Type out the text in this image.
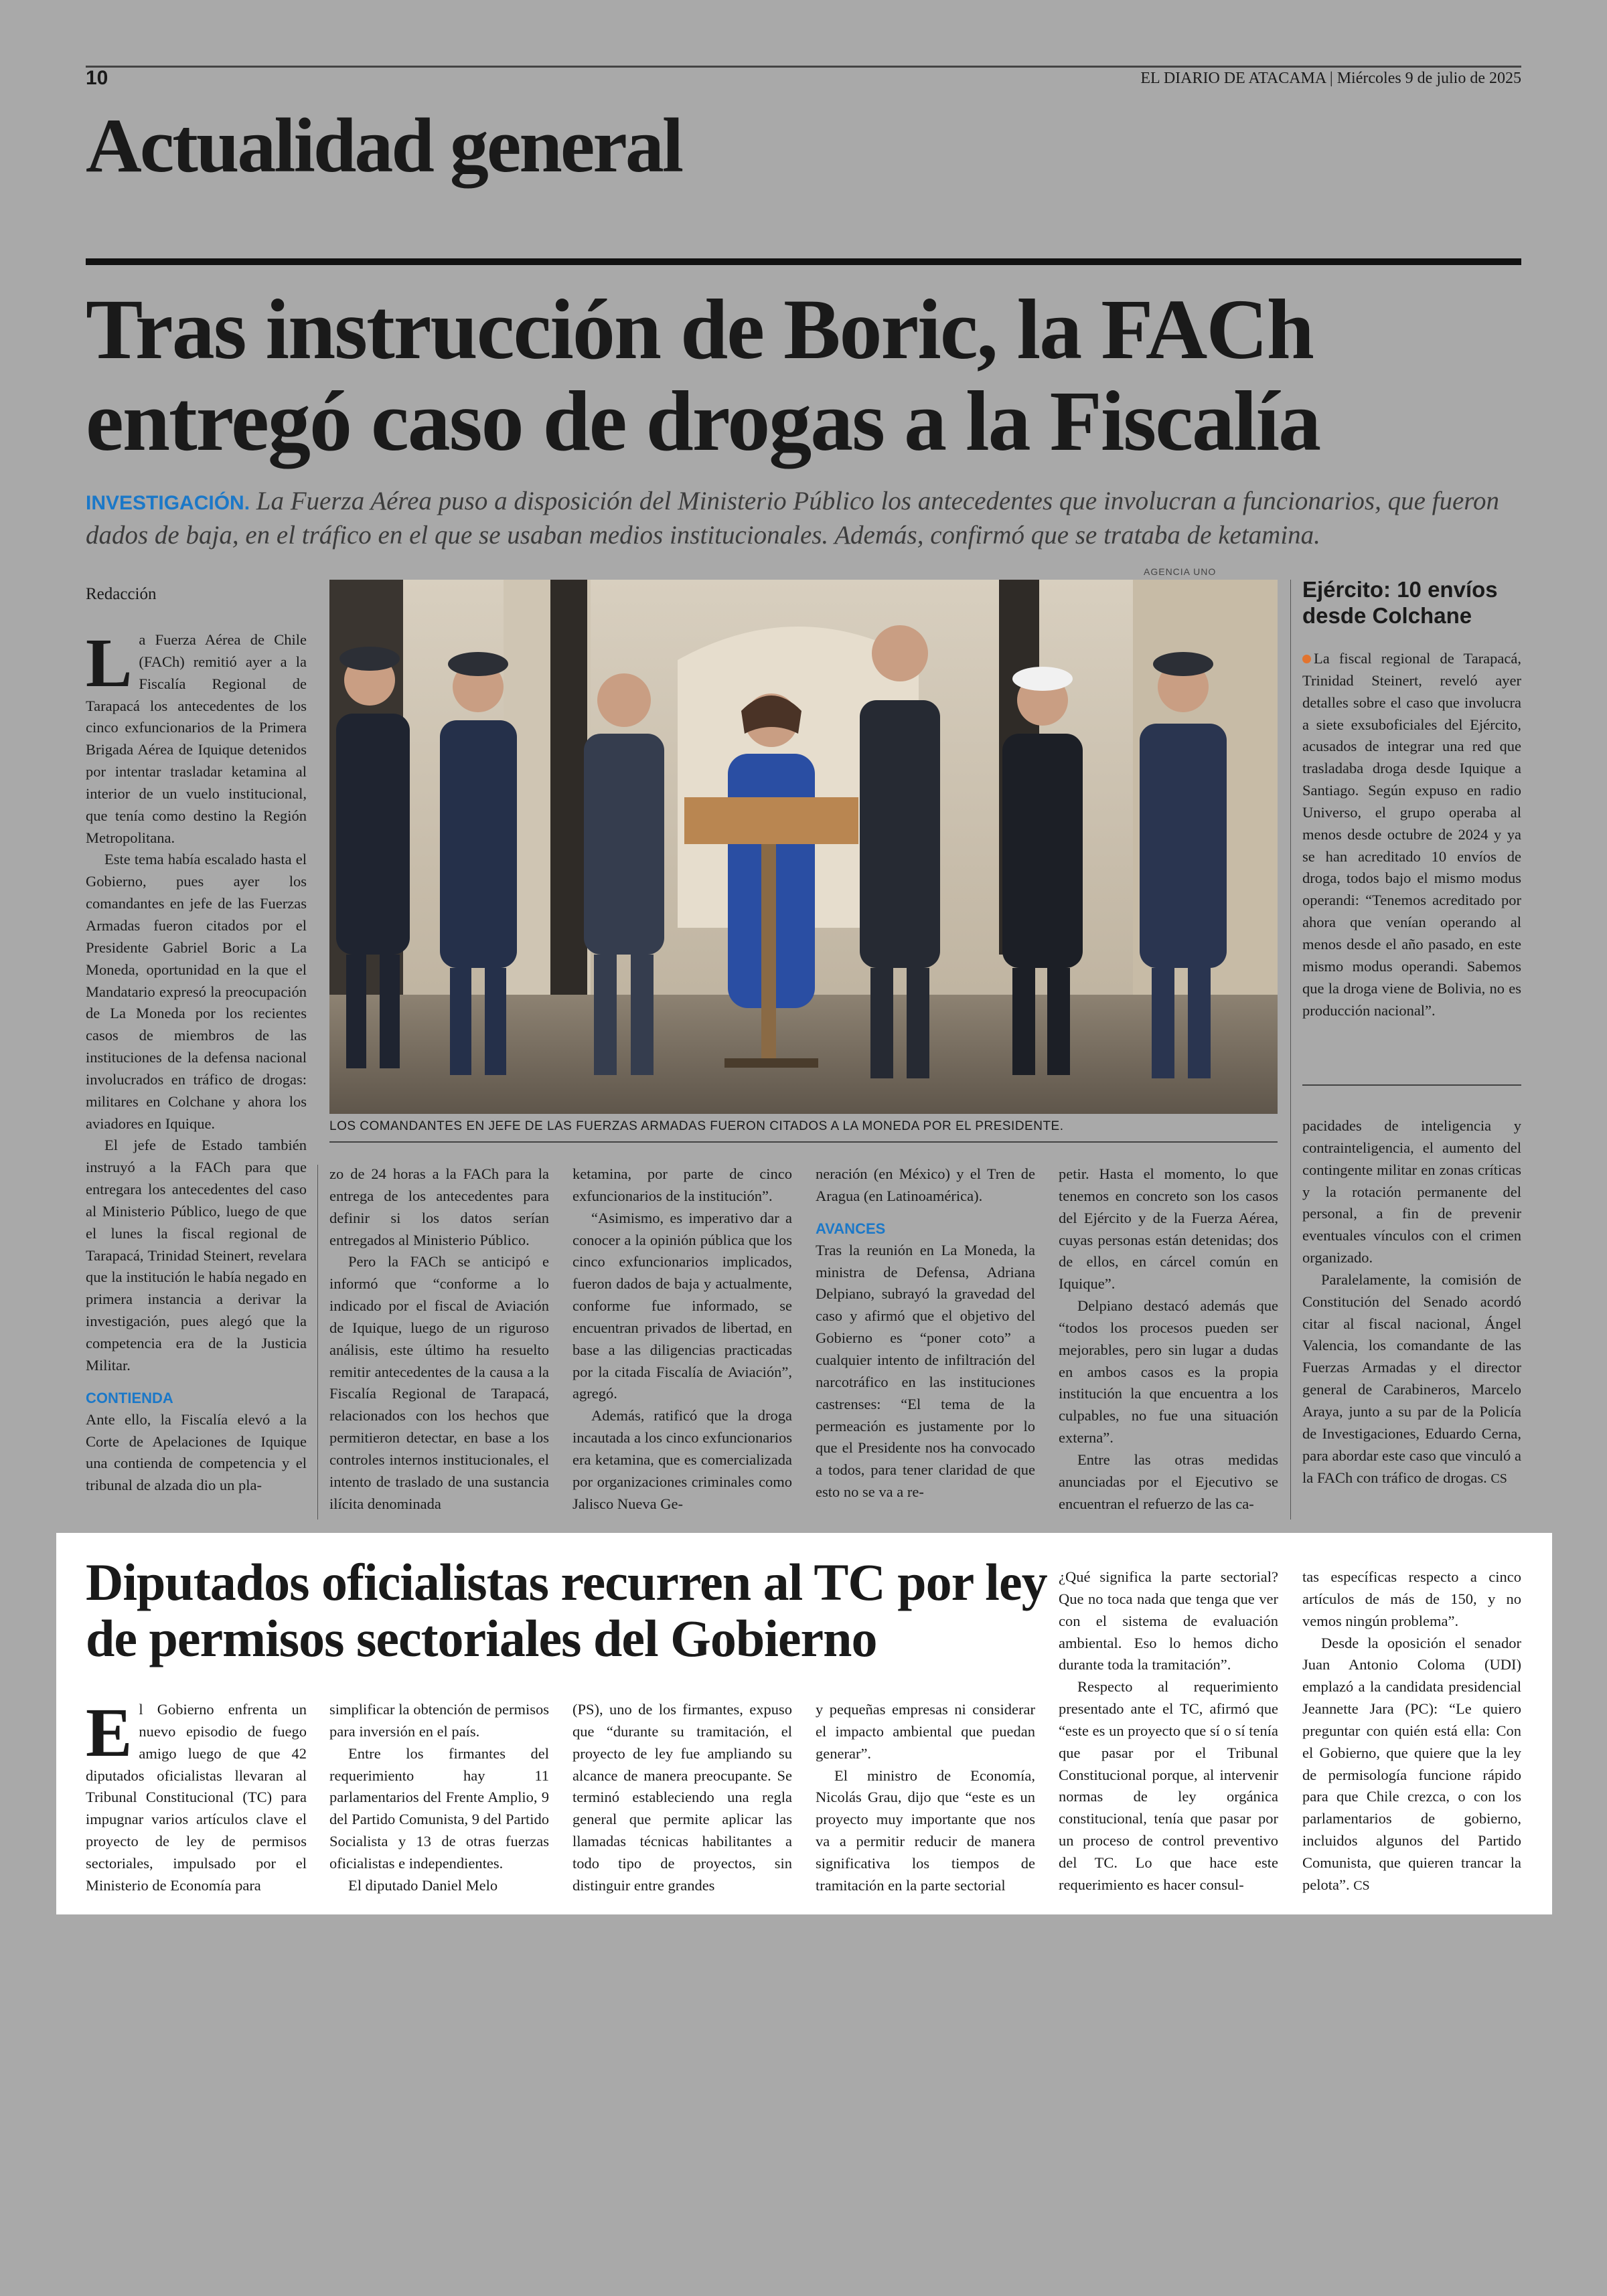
10	EL DIARIO DE ATACAMA | Miércoles 9 de julio de 2025
Actualidad general
Tras instrucción de Boric, la FACh entregó caso de drogas a la Fiscalía
INVESTIGACIÓN. La Fuerza Aérea puso a disposición del Ministerio Público los antecedentes que involucran a funcionarios, que fueron dados de baja, en el tráfico en el que se usaban medios institucionales. Además, confirmó que se trataba de ketamina.
Redacción
AGENCIA UNO
LOS COMANDANTES EN JEFE DE LAS FUERZAS ARMADAS FUERON CITADOS A LA MONEDA POR EL PRESIDENTE.

La Fuerza Aérea de Chile (FACh) remitió ayer a la Fiscalía Regional de Tarapacá los antecedentes de los cinco exfuncionarios de la Primera Brigada Aérea de Iquique detenidos por intentar trasladar ketamina al interior de un vuelo institucional, que tenía como destino la Región Metropolitana.

Este tema había escalado hasta el Gobierno, pues ayer los comandantes en jefe de las Fuerzas Armadas fueron citados por el Presidente Gabriel Boric a La Moneda, oportunidad en la que el Mandatario expresó la preocupación de La Moneda por los recientes casos de miembros de las instituciones de la defensa nacional involucrados en tráfico de drogas: militares en Colchane y ahora los aviadores en Iquique.

El jefe de Estado también instruyó a la FACh para que entregara los antecedentes del caso al Ministerio Público, luego de que el lunes la fiscal regional de Tarapacá, Trinidad Steinert, revelara que la institución le había negado en primera instancia a derivar la investigación, pues alegó que la competencia era de la Justicia Militar.

CONTIENDA

Ante ello, la Fiscalía elevó a la Corte de Apelaciones de Iquique una contienda de competencia y el tribunal de alzada dio un pla-

zo de 24 horas a la FACh para la entrega de los antecedentes para definir si los datos serían entregados al Ministerio Público.

Pero la FACh se anticipó e informó que “conforme a lo indicado por el fiscal de Aviación de Iquique, luego de un riguroso análisis, este último ha resuelto remitir antecedentes de la causa a la Fiscalía Regional de Tarapacá, relacionados con los hechos que permitieron detectar, en base a los controles internos institucionales, el intento de traslado de una sustancia ilícita denominada

ketamina, por parte de cinco exfuncionarios de la institución”.

“Asimismo, es imperativo dar a conocer a la opinión pública que los cinco exfuncionarios implicados, fueron dados de baja y actualmente, conforme fue informado, se encuentran privados de libertad, en base a las diligencias practicadas por la citada Fiscalía de Aviación”, agregó.

Además, ratificó que la droga incautada a los cinco exfuncionarios era ketamina, que es comercializada por organizaciones criminales como Jalisco Nueva Ge-

neración (en México) y el Tren de Aragua (en Latinoamérica).

AVANCES

Tras la reunión en La Moneda, la ministra de Defensa, Adriana Delpiano, subrayó la gravedad del caso y afirmó que el objetivo del Gobierno es “poner coto” a cualquier intento de infiltración del narcotráfico en las instituciones castrenses: “El tema de la permeación es justamente por lo que el Presidente nos ha convocado a todos, para tener claridad de que esto no se va a re-

petir. Hasta el momento, lo que tenemos en concreto son los casos del Ejército y de la Fuerza Aérea, cuyas personas están detenidas; dos de ellos, en cárcel común en Iquique”.

Delpiano destacó además que “todos los procesos pueden ser mejorables, pero sin lugar a dudas en ambos casos es la propia institución la que encuentra a los culpables, no fue una situación externa”.

Entre las otras medidas anunciadas por el Ejecutivo se encuentran el refuerzo de las ca-

Ejército: 10 envíos desde Colchane

La fiscal regional de Tarapacá, Trinidad Steinert, reveló ayer detalles sobre el caso que involucra a siete exsuboficiales del Ejército, acusados de integrar una red que trasladaba droga desde Iquique a Santiago. Según expuso en radio Universo, el grupo operaba al menos desde octubre de 2024 y ya se han acreditado 10 envíos de droga, todos bajo el mismo modus operandi: “Tenemos acreditado por ahora que venían operando al menos desde el año pasado, en este mismo modus operandi. Sabemos que la droga viene de Bolivia, no es producción nacional”.

pacidades de inteligencia y contrainteligencia, el aumento del contingente militar en zonas críticas y la rotación permanente del personal, a fin de prevenir eventuales vínculos con el crimen organizado.

Paralelamente, la comisión de Constitución del Senado acordó citar al fiscal nacional, Ángel Valencia, los comandante de las Fuerzas Armadas y el director general de Carabineros, Marcelo Araya, junto a su par de la Policía de Investigaciones, Eduardo Cerna, para abordar este caso que vinculó a la FACh con tráfico de drogas. CS

Diputados oficialistas recurren al TC por ley de permisos sectoriales del Gobierno

El Gobierno enfrenta un nuevo episodio de fuego amigo luego de que 42 diputados oficialistas llevaran al Tribunal Constitucional (TC) para impugnar varios artículos clave el proyecto de ley de permisos sectoriales, impulsado por el Ministerio de Economía para

simplificar la obtención de permisos para inversión en el país.

Entre los firmantes del requerimiento hay 11 parlamentarios del Frente Amplio, 9 del Partido Comunista, 9 del Partido Socialista y 13 de otras fuerzas oficialistas e independientes.

El diputado Daniel Melo

(PS), uno de los firmantes, expuso que “durante su tramitación, el proyecto de ley fue ampliando su alcance de manera preocupante. Se terminó estableciendo una regla general que permite aplicar las llamadas técnicas habilitantes a todo tipo de proyectos, sin distinguir entre grandes

y pequeñas empresas ni considerar el impacto ambiental que puedan generar”.

El ministro de Economía, Nicolás Grau, dijo que “este es un proyecto muy importante que nos va a permitir reducir de manera significativa los tiempos de tramitación en la parte sectorial

¿Qué significa la parte sectorial? Que no toca nada que tenga que ver con el sistema de evaluación ambiental. Eso lo hemos dicho durante toda la tramitación”.

Respecto al requerimiento presentado ante el TC, afirmó que “este es un proyecto que sí o sí tenía que pasar por el Tribunal Constitucional porque, al intervenir normas de ley orgánica constitucional, tenía que pasar por un proceso de control preventivo del TC. Lo que hace este requerimiento es hacer consul-

tas específicas respecto a cinco artículos de más de 150, y no vemos ningún problema”.

Desde la oposición el senador Juan Antonio Coloma (UDI) emplazó a la candidata presidencial Jeannette Jara (PC): “Le quiero preguntar con quién está ella: Con el Gobierno, que quiere que la ley de permisología funcione rápido para que Chile crezca, o con los parlamentarios de gobierno, incluidos algunos del Partido Comunista, que quieren trancar la pelota”. CS
